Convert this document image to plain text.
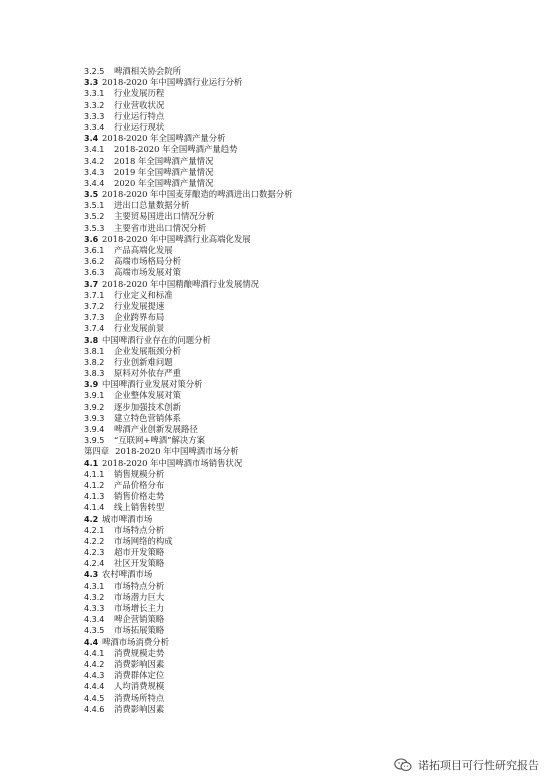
3.2.5	啤酒相关协会院所
3.3 2018-2020 年中国啤酒行业运行分析
3.3.1	行业发展历程
3.3.2	行业营收状况
3.3.3	行业运行特点
3.3.4	行业运行现状
3.4 2018-2020 年全国啤酒产量分析
3.4.1	2018-2020 年全国啤酒产量趋势
3.4.2	2018 年全国啤酒产量情况
3.4.3	2019 年全国啤酒产量情况
3.4.4	2020 年全国啤酒产量情况
3.5 2018-2020 年中国麦芽酿造的啤酒进出口数据分析
3.5.1	进出口总量数据分析
3.5.2	主要贸易国进出口情况分析
3.5.3	主要省市进出口情况分析
3.6 2018-2020 年中国啤酒行业高端化发展
3.6.1	产品高端化发展
3.6.2	高端市场格局分析
3.6.3	高端市场发展对策
3.7 2018-2020 年中国精酿啤酒行业发展情况
3.7.1	行业定义和标准
3.7.2	行业发展提速
3.7.3	企业跨界布局
3.7.4	行业发展前景
3.8 中国啤酒行业存在的问题分析
3.8.1	企业发展瓶颈分析
3.8.2	行业创新难问题
3.8.3	原料对外依存严重
3.9 中国啤酒行业发展对策分析
3.9.1	企业整体发展对策
3.9.2	逐步加强技术创新
3.9.3	建立特色营销体系
3.9.4	啤酒产业创新发展路径
3.9.5	“互联网+啤酒”解决方案
第四章 2018-2020 年中国啤酒市场分析
4.1 2018-2020 年中国啤酒市场销售状况
4.1.1	销售规模分析
4.1.2	产品价格分布
4.1.3	销售价格走势
4.1.4	线上销售转型
4.2 城市啤酒市场
4.2.1	市场特点分析
4.2.2	市场网络的构成
4.2.3	超市开发策略
4.2.4	社区开发策略
4.3 农村啤酒市场
4.3.1	市场特点分析
4.3.2	市场潜力巨大
4.3.3	市场增长主力
4.3.4	啤企营销策略
4.3.5	市场拓展策略
4.4 啤酒市场消费分析
4.4.1	消费规模走势
4.4.2	消费影响因素
4.4.3	消费群体定位
4.4.4	人均消费规模
4.4.5	消费场所特点
4.4.6	消费影响因素
诺拓项目可行性研究报告
